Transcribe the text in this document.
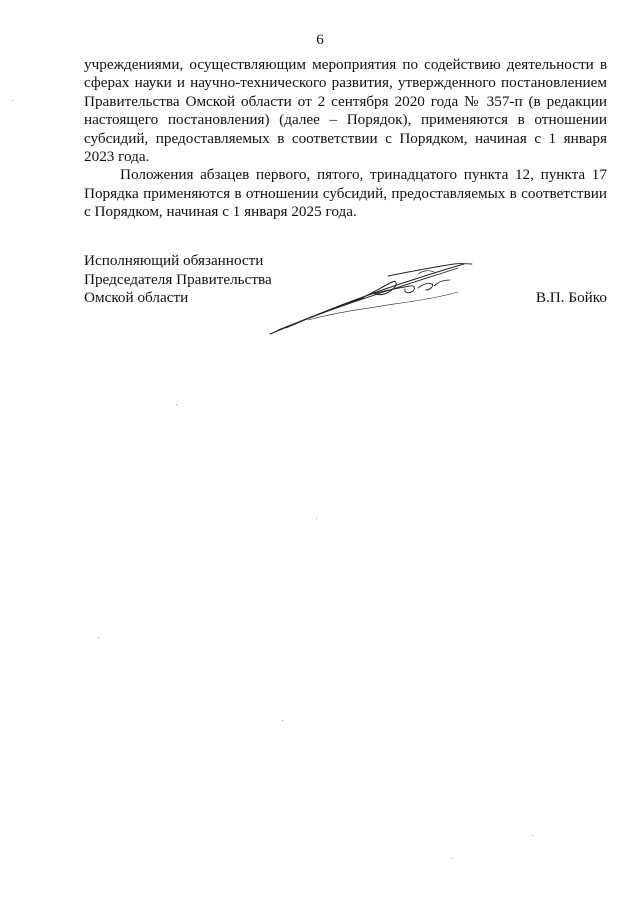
6

учреждениями, осуществляющим мероприятия по содействию деятельности в сферах науки и научно-технического развития, утвержденного постановлением Правительства Омской области от 2 сентября 2020 года № 357-п (в редакции настоящего постановления) (далее – Порядок), применяются в отношении субсидий, предоставляемых в соответствии с Порядком, начиная с 1 января 2023 года.

Положения абзацев первого, пятого, тринадцатого пункта 12, пункта 17 Порядка применяются в отношении субсидий, предоставляемых в соответствии с Порядком, начиная с 1 января 2025 года.

Исполняющий обязанности
Председателя Правительства
Омской области	В.П. Бойко
